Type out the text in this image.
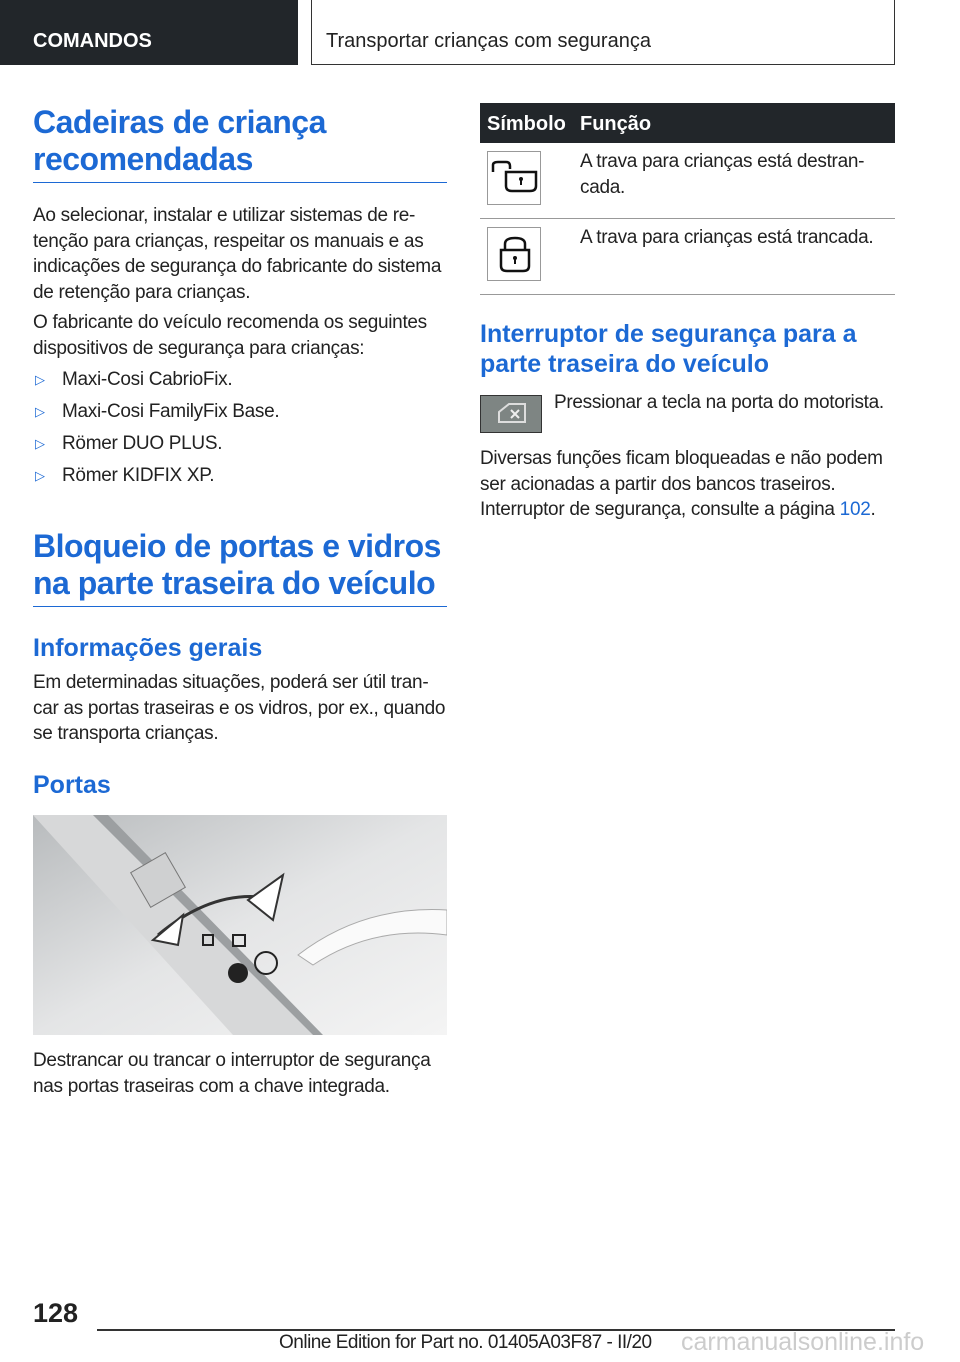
COMANDOS	Transportar crianças com segurança
Cadeiras de criança recomendadas

Ao selecionar, instalar e utilizar sistemas de retenção para crianças, respeitar os manuais e as indicações de segurança do fabricante do sistema de retenção para crianças.

O fabricante do veículo recomenda os seguintes dispositivos de segurança para crianças:

▷ Maxi-Cosi CabrioFix.
▷ Maxi-Cosi FamilyFix Base.
▷ Römer DUO PLUS.
▷ Römer KIDFIX XP.
Bloqueio de portas e vidros na parte traseira do veículo
Informações gerais

Em determinadas situações, poderá ser útil trancar as portas traseiras e os vidros, por ex., quando se transporta crianças.

Portas

Destrancar ou trancar o interruptor de segurança nas portas traseiras com a chave integrada.

Símbolo Função
A trava para crianças está destrancada.
A trava para crianças está trancada.
Interruptor de segurança para a parte traseira do veículo

Pressionar a tecla na porta do motorista.

Diversas funções ficam bloqueadas e não podem ser acionadas a partir dos bancos traseiros. Interruptor de segurança, consulte a página 102.

128
Online Edition for Part no. 01405A03F87 - II/20 carmanualsonline.info
